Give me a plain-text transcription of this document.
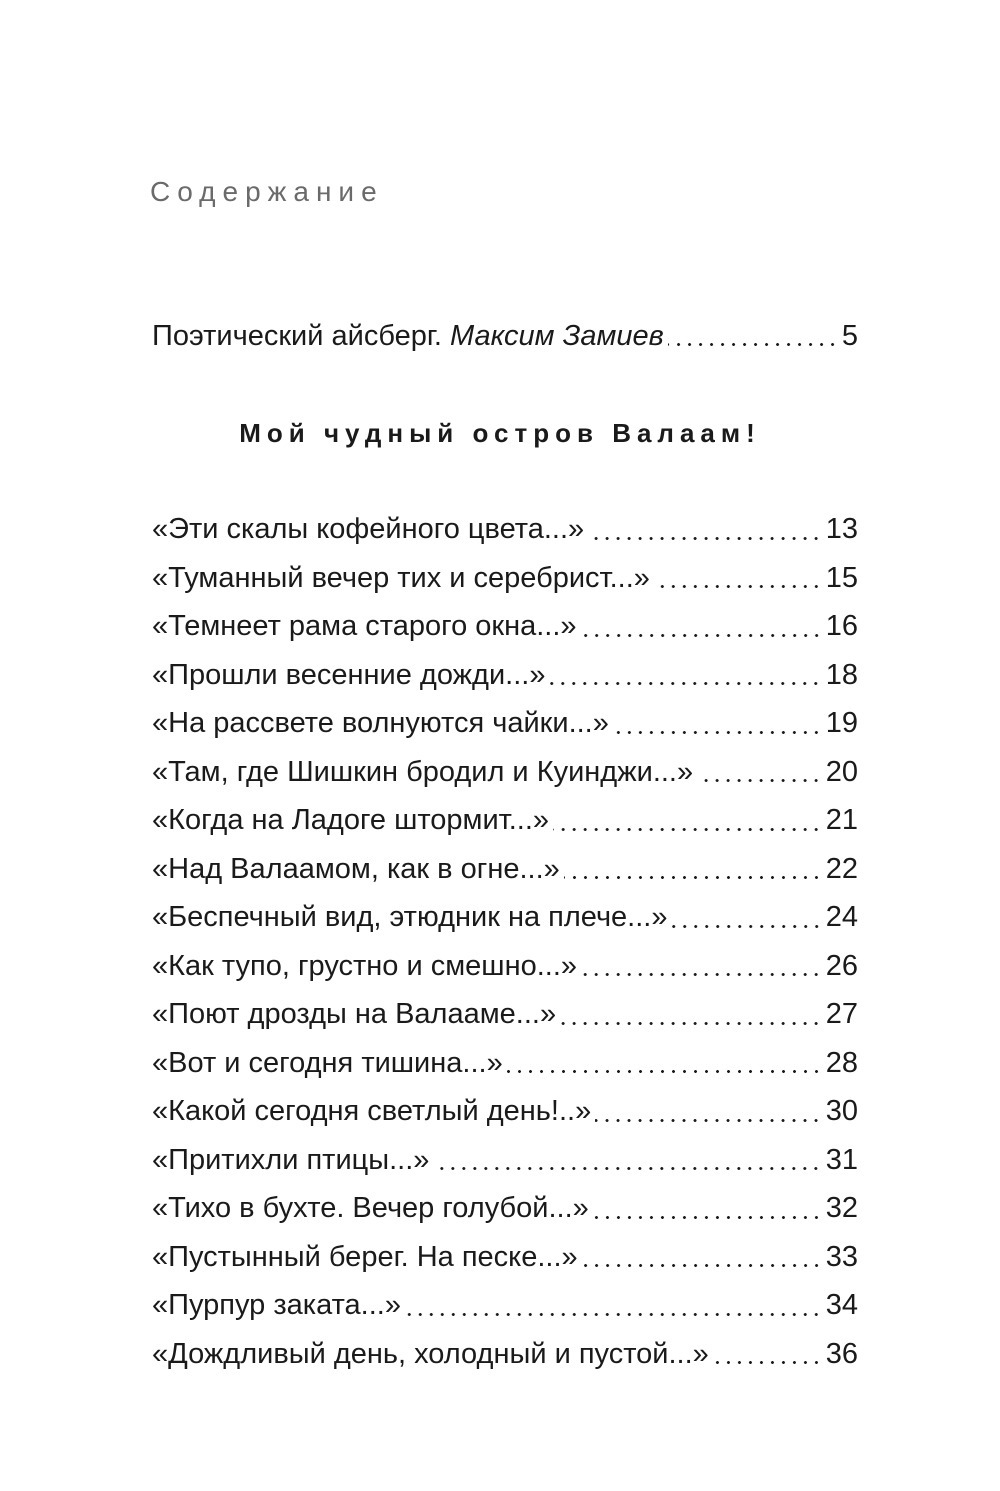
Содержание
Поэтический айсберг. Максим Замиев	5
Мой чудный остров Валаам!
«Эти скалы кофейного цвета...»	13
«Туманный вечер тих и серебрист...»	15
«Темнеет рама старого окна...»	16
«Прошли весенние дожди...»	18
«На рассвете волнуются чайки...»	19
«Там, где Шишкин бродил и Куинджи...»	20
«Когда на Ладоге штормит...»	21
«Над Валаамом, как в огне...»	22
«Беспечный вид, этюдник на плече...»	24
«Как тупо, грустно и смешно...»	26
«Поют дрозды на Валааме...»	27
«Вот и сегодня тишина...»	28
«Какой сегодня светлый день!..»	30
«Притихли птицы...»	31
«Тихо в бухте. Вечер голубой...»	32
«Пустынный берег. На песке...»	33
«Пурпур заката...»	34
«Дождливый день, холодный и пустой...»	36
